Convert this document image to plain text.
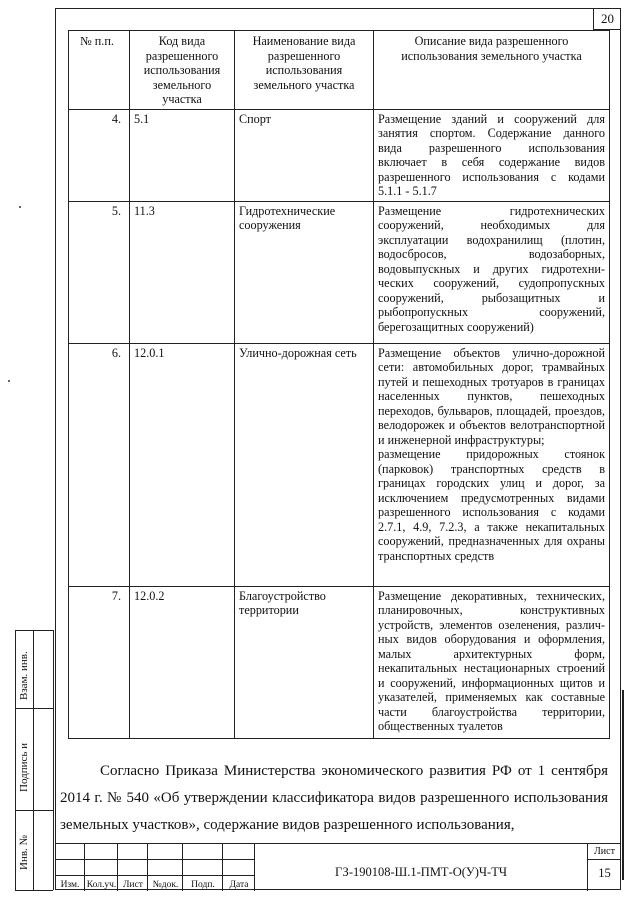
20
№ п.п.	Код вида разрешенного использования земельного участка	Наименование вида разрешенного использования земельного участка	Описание вида разрешенного использования земельного участка
4.	5.1	Спорт	Размещение зданий и сооружений для занятия спортом. Содержание данного вида разрешенного использования включает в себя содержание видов разрешенного использования с кодами 5.1.1 - 5.1.7
5.	11.3	Гидротехнические сооружения	Размещение гидротехнических сооружений, необходимых для эксплуатации водохранилищ (плотин, водосбросов, водозаборных, водовыпускных и других гидротехни-ческих сооружений, судопропускных сооружений, рыбозащитных и рыбопропускных сооружений, берегозащитных сооружений)
6.	12.0.1	Улично-дорожная сеть	Размещение объектов улично-дорожной сети: автомобильных дорог, трамвайных путей и пешеходных тротуаров в границах населенных пунктов, пешеходных переходов, бульваров, площадей, проездов, велодорожек и объектов велотранспортной и инженерной инфраструктуры;
размещение придорожных стоянок (парковок) транспортных средств в границах городских улиц и дорог, за исключением предусмотренных видами разрешенного использования с кодами 2.7.1, 4.9, 7.2.3, а также некапитальных сооружений, предназначенных для охраны транспортных средств
7.	12.0.2	Благоустройство территории	Размещение декоративных, технических, планировочных, конструктивных устройств, элементов озеленения, различ-ных видов оборудования и оформления, малых архитектурных форм, некапитальных нестационарных строений и сооружений, информационных щитов и указателей, применяемых как составные части благоустройства территории, общественных туалетов
Согласно Приказа Министерства экономического развития РФ от 1 сентября 2014 г. № 540 «Об утверждении классификатора видов разрешенного использования земельных участков», содержание видов разрешенного использования,
Взам. инв.
Подпись и
Инв. №
Изм. Кол.уч. Лист	№док.	Подп.	Дата
ГЗ-190108-Ш.1-ПМТ-О(У)Ч-ТЧ
Лист
15
